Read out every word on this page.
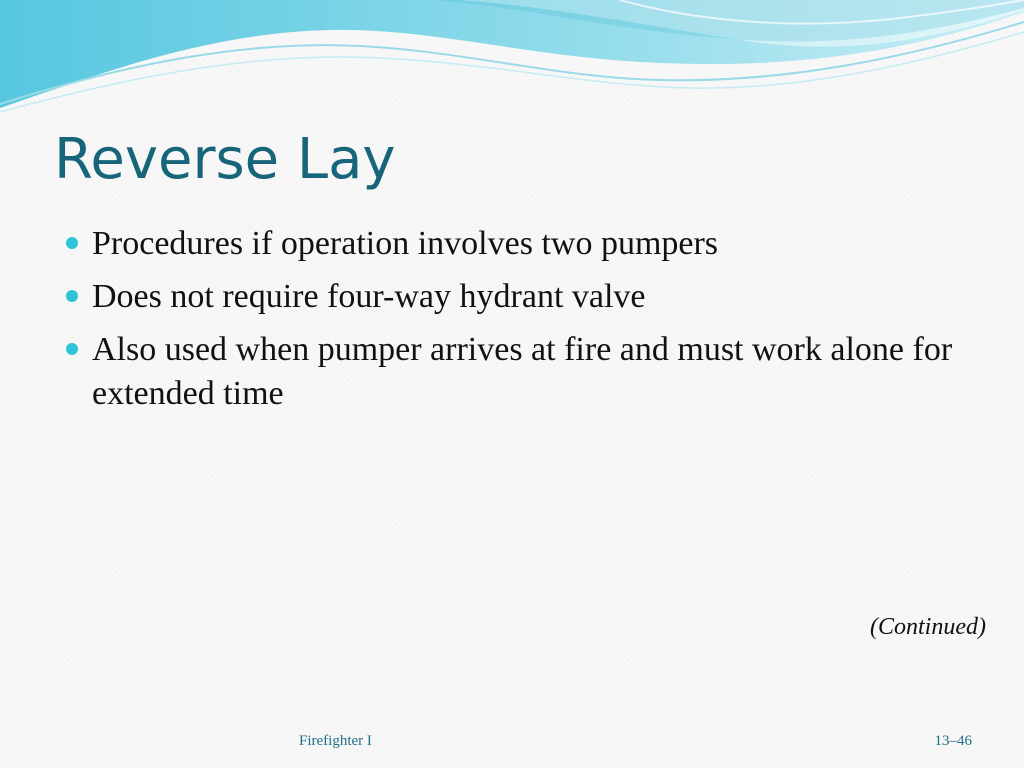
Reverse Lay
Procedures if operation involves two pumpers
Does not require four-way hydrant valve
Also used when pumper arrives at fire and must work alone for extended time
(Continued)
Firefighter I	13–46
